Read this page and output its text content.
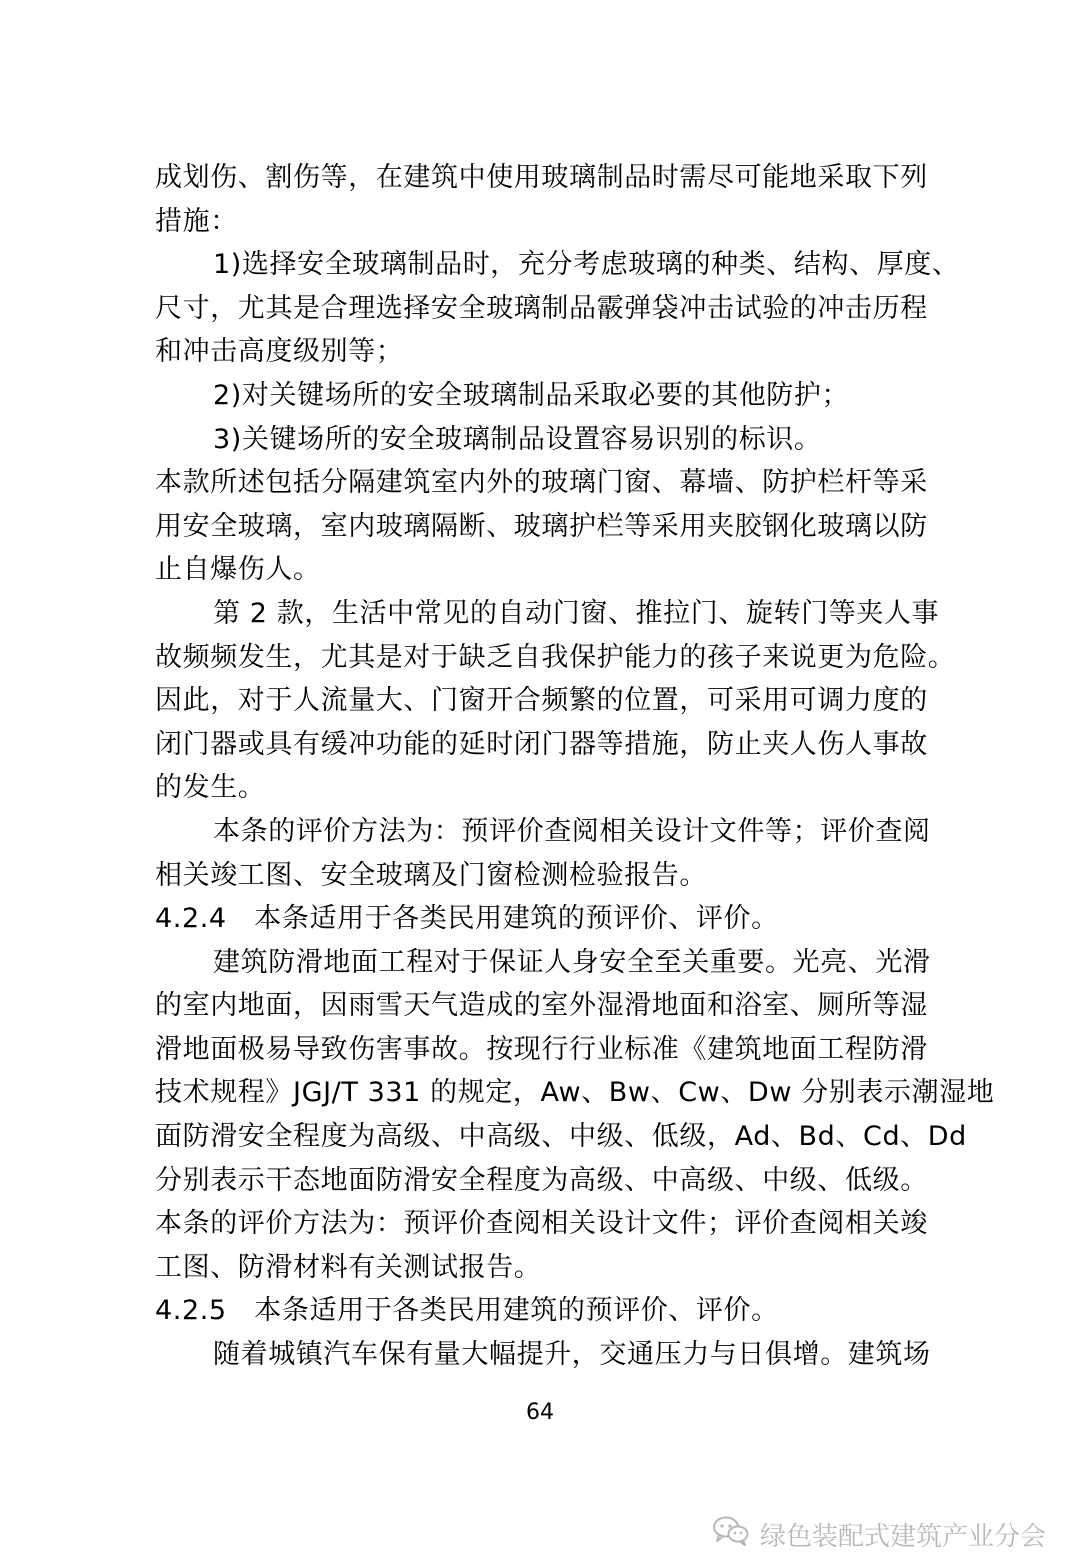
成划伤、割伤等，在建筑中使用玻璃制品时需尽可能地采取下列
措施：
1)选择安全玻璃制品时，充分考虑玻璃的种类、结构、厚度、
尺寸，尤其是合理选择安全玻璃制品霰弹袋冲击试验的冲击历程
和冲击高度级别等；
2)对关键场所的安全玻璃制品采取必要的其他防护；
3)关键场所的安全玻璃制品设置容易识别的标识。
本款所述包括分隔建筑室内外的玻璃门窗、幕墙、防护栏杆等采
用安全玻璃，室内玻璃隔断、玻璃护栏等采用夹胶钢化玻璃以防
止自爆伤人。
第 2 款，生活中常见的自动门窗、推拉门、旋转门等夹人事
故频频发生，尤其是对于缺乏自我保护能力的孩子来说更为危险。
因此，对于人流量大、门窗开合频繁的位置，可采用可调力度的
闭门器或具有缓冲功能的延时闭门器等措施，防止夹人伤人事故
的发生。
本条的评价方法为：预评价查阅相关设计文件等；评价查阅
相关竣工图、安全玻璃及门窗检测检验报告。
4.2.4　本条适用于各类民用建筑的预评价、评价。
建筑防滑地面工程对于保证人身安全至关重要。光亮、光滑
的室内地面，因雨雪天气造成的室外湿滑地面和浴室、厕所等湿
滑地面极易导致伤害事故。按现行行业标准《建筑地面工程防滑
技术规程》JGJ/T 331 的规定，Aw、Bw、Cw、Dw 分别表示潮湿地
面防滑安全程度为高级、中高级、中级、低级，Ad、Bd、Cd、Dd
分别表示干态地面防滑安全程度为高级、中高级、中级、低级。
本条的评价方法为：预评价查阅相关设计文件；评价查阅相关竣
工图、防滑材料有关测试报告。
4.2.5　本条适用于各类民用建筑的预评价、评价。
随着城镇汽车保有量大幅提升，交通压力与日俱增。建筑场
64
绿色装配式建筑产业分会
